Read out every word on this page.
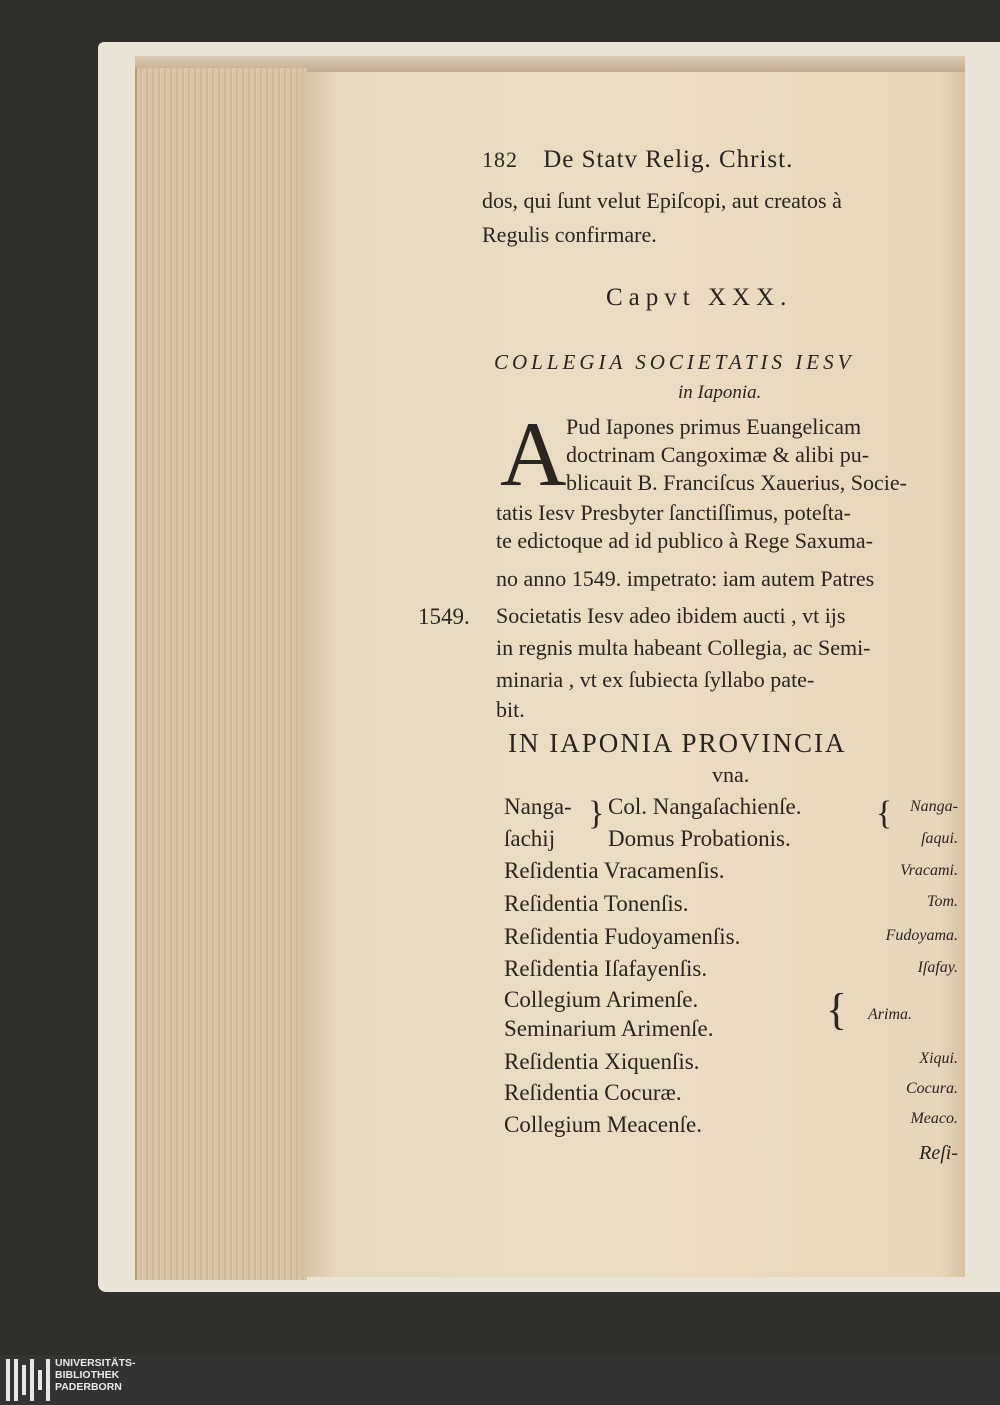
182 De Statv Relig. Christ.
dos, qui ſunt velut Epiſcopi, aut creatos à
Regulis confirmare.
Capvt XXX.
COLLEGIA SOCIETATIS IESV
in Iaponia.
A Pud Iapones primus Euangelicam
doctrinam Cangoximæ & alibi pu-
blicauit B. Franciſcus Xauerius, Socie-
tatis Iesv Presbyter ſanctiſſimus, poteſta-
te edictoque ad id publico à Rege Saxuma-
no anno 1549. impetrato: iam autem Patres
Societatis Iesv adeo ibidem aucti , vt ijs
in regnis multa habeant Collegia, ac Semi-
minaria , vt ex ſubiecta ſyllabo pate-
bit.
1549.
IN IAPONIA PROVINCIA
vna.
Nanga- Col. Nangaſachienſe.	Nanga-
ſachij Domus Probationis.	ſaqui.
}	{
Reſidentia Vracamenſis.	Vracami.
Reſidentia Tonenſis.	Tom.
Reſidentia Fudoyamenſis.	Fudoyama.
Reſidentia Iſafayenſis.	Iſafay.
Collegium Arimenſe.
Seminarium Arimenſe.	{ Arima.
Reſidentia Xiquenſis.	Xiqui.
Reſidentia Cocuræ.	Cocura.
Collegium Meacenſe.	Meaco.
Reſi-
UNIVERSITÄTS-
BIBLIOTHEK
PADERBORN
